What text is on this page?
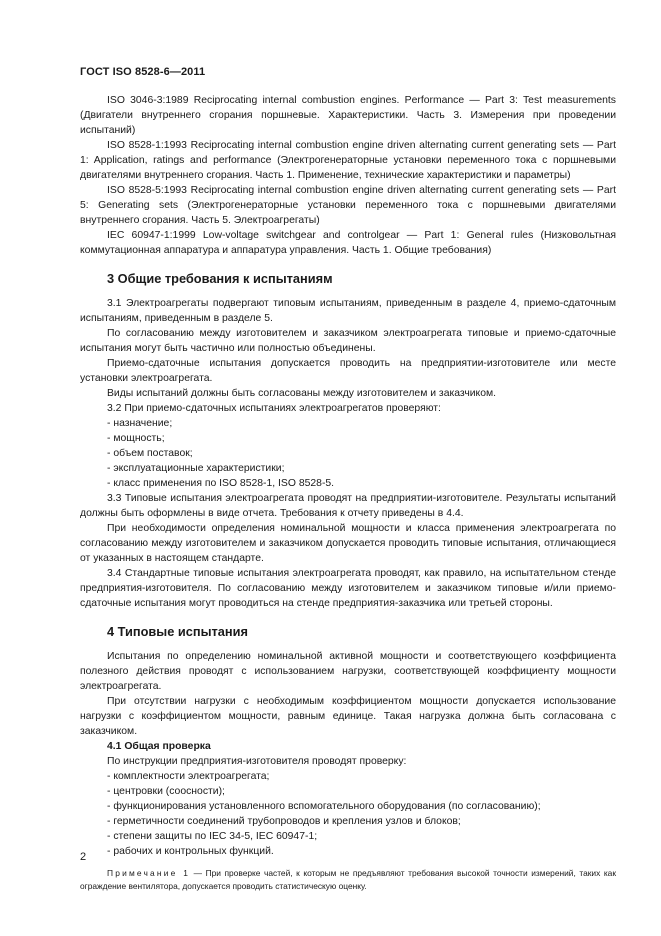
ГОСТ ISO 8528-6—2011

ISO 3046-3:1989 Reciprocating internal combustion engines. Performance — Part 3: Test measurements (Двигатели внутреннего сгорания поршневые. Характеристики. Часть 3. Измерения при проведении испытаний)

ISO 8528-1:1993 Reciprocating internal combustion engine driven alternating current generating sets — Part 1: Application, ratings and performance (Электрогенераторные установки переменного тока с поршневыми двигателями внутреннего сгорания. Часть 1. Применение, технические характеристики и параметры)

ISO 8528-5:1993 Reciprocating internal combustion engine driven alternating current generating sets — Part 5: Generating sets (Электрогенераторные установки переменного тока с поршневыми двигателями внутреннего сгорания. Часть 5. Электроагрегаты)

IEC 60947-1:1999 Low-voltage switchgear and controlgear — Part 1: General rules (Низковольтная коммутационная аппаратура и аппаратура управления. Часть 1. Общие требования)

3 Общие требования к испытаниям

3.1 Электроагрегаты подвергают типовым испытаниям, приведенным в разделе 4, приемо-сдаточным испытаниям, приведенным в разделе 5.

По согласованию между изготовителем и заказчиком электроагрегата типовые и приемо-сдаточные испытания могут быть частично или полностью объединены.

Приемо-сдаточные испытания допускается проводить на предприятии-изготовителе или месте установки электроагрегата.

Виды испытаний должны быть согласованы между изготовителем и заказчиком.

3.2 При приемо-сдаточных испытаниях электроагрегатов проверяют:

- назначение;

- мощность;

- объем поставок;

- эксплуатационные характеристики;

- класс применения по ISO 8528-1, ISO 8528-5.

3.3 Типовые испытания электроагрегата проводят на предприятии-изготовителе. Результаты испытаний должны быть оформлены в виде отчета. Требования к отчету приведены в 4.4.

При необходимости определения номинальной мощности и класса применения электроагрегата по согласованию между изготовителем и заказчиком допускается проводить типовые испытания, отличающиеся от указанных в настоящем стандарте.

3.4 Стандартные типовые испытания электроагрегата проводят, как правило, на испытательном стенде предприятия-изготовителя. По согласованию между изготовителем и заказчиком типовые и/или приемо-сдаточные испытания могут проводиться на стенде предприятия-заказчика или третьей стороны.

4 Типовые испытания

Испытания по определению номинальной активной мощности и соответствующего коэффициента полезного действия проводят с использованием нагрузки, соответствующей коэффициенту мощности электроагрегата.

При отсутствии нагрузки с необходимым коэффициентом мощности допускается использование нагрузки с коэффициентом мощности, равным единице. Такая нагрузка должна быть согласована с заказчиком.

4.1 Общая проверка

По инструкции предприятия-изготовителя проводят проверку:

- комплектности электроагрегата;

- центровки (соосности);

- функционирования установленного вспомогательного оборудования (по согласованию);

- герметичности соединений трубопроводов и крепления узлов и блоков;

- степени защиты по IEC 34-5, IEC 60947-1;

- рабочих и контрольных функций.

Примечание 1 — При проверке частей, к которым не предъявляют требования высокой точности измерений, таких как ограждение вентилятора, допускается проводить статистическую оценку.

2
